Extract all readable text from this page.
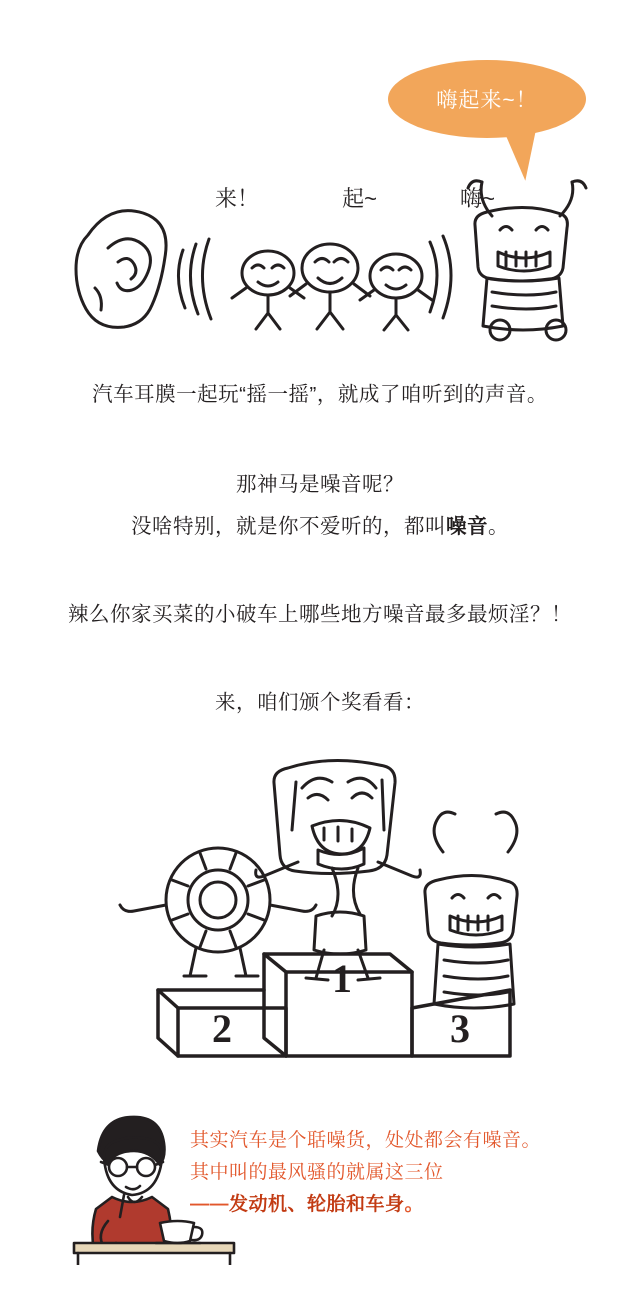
嗨起来~！
来！	起~	嗨~
汽车耳膜一起玩“摇一摇”，就成了咱听到的声音。
那神马是噪音呢？
没啥特别，就是你不爱听的，都叫噪音。
辣么你家买菜的小破车上哪些地方噪音最多最烦淫？！
来，咱们颁个奖看看：
1
2	3
其实汽车是个聒噪货，处处都会有噪音。
其中叫的最风骚的就属这三位
——发动机、轮胎和车身。
